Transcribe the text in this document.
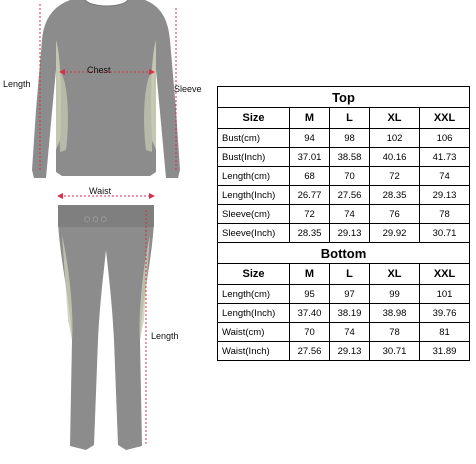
○ ○ ○
Chest
Length	Sleeve
Waist
Length
Top				
Size	M	L	XL	XXL
Bust(cm)	94	98	102	106
Bust(Inch)	37.01	38.58	40.16	41.73
Length(cm)	68	70	72	74
Length(Inch)	26.77	27.56	28.35	29.13
Sleeve(cm)	72	74	76	78
Sleeve(Inch)	28.35	29.13	29.92	30.71
Bottom				
Size	M	L	XL	XXL
Length(cm)	95	97	99	101
Length(Inch)	37.40	38.19	38.98	39.76
Waist(cm)	70	74	78	81
Waist(Inch)	27.56	29.13	30.71	31.89
